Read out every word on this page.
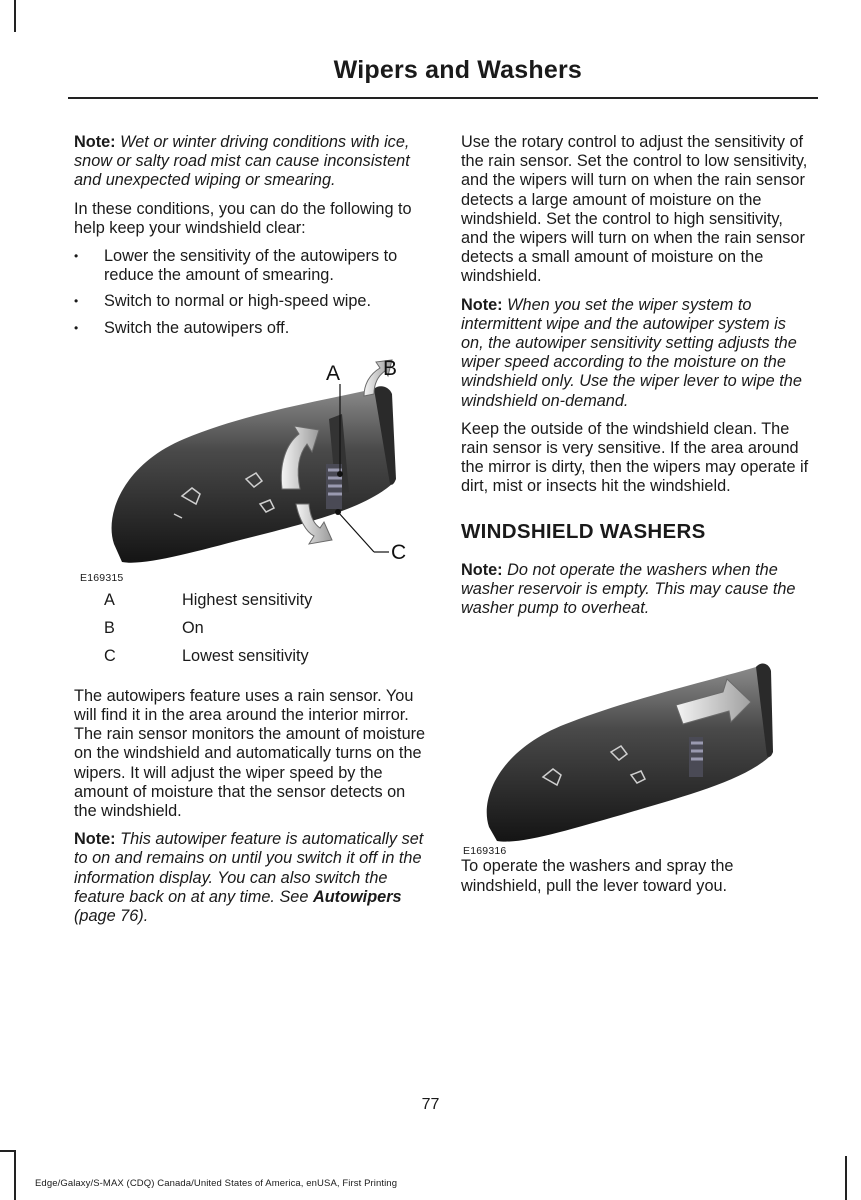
Wipers and Washers

Note: Wet or winter driving conditions with ice, snow or salty road mist can cause inconsistent and unexpected wiping or smearing.

In these conditions, you can do the following to help keep your windshield clear:

• Lower the sensitivity of the autowipers to reduce the amount of smearing.
• Switch to normal or high-speed wipe.
• Switch the autowipers off.
A B
C
E169315
A	Highest sensitivity
B	On
C	Lowest sensitivity

The autowipers feature uses a rain sensor. You will find it in the area around the interior mirror. The rain sensor monitors the amount of moisture on the windshield and automatically turns on the wipers. It will adjust the wiper speed by the amount of moisture that the sensor detects on the windshield.

Note: This autowiper feature is automatically set to on and remains on until you switch it off in the information display. You can also switch the feature back on at any time. See Autowipers (page 76).

Use the rotary control to adjust the sensitivity of the rain sensor. Set the control to low sensitivity, and the wipers will turn on when the rain sensor detects a large amount of moisture on the windshield. Set the control to high sensitivity, and the wipers will turn on when the rain sensor detects a small amount of moisture on the windshield.

Note: When you set the wiper system to intermittent wipe and the autowiper system is on, the autowiper sensitivity setting adjusts the wiper speed according to the moisture on the windshield only. Use the wiper lever to wipe the windshield on-demand.

Keep the outside of the windshield clean. The rain sensor is very sensitive. If the area around the mirror is dirty, then the wipers may operate if dirt, mist or insects hit the windshield.

WINDSHIELD WASHERS

Note: Do not operate the washers when the washer reservoir is empty. This may cause the washer pump to overheat.

E169316

To operate the washers and spray the windshield, pull the lever toward you.

77
Edge/Galaxy/S-MAX (CDQ) Canada/United States of America, enUSA, First Printing
